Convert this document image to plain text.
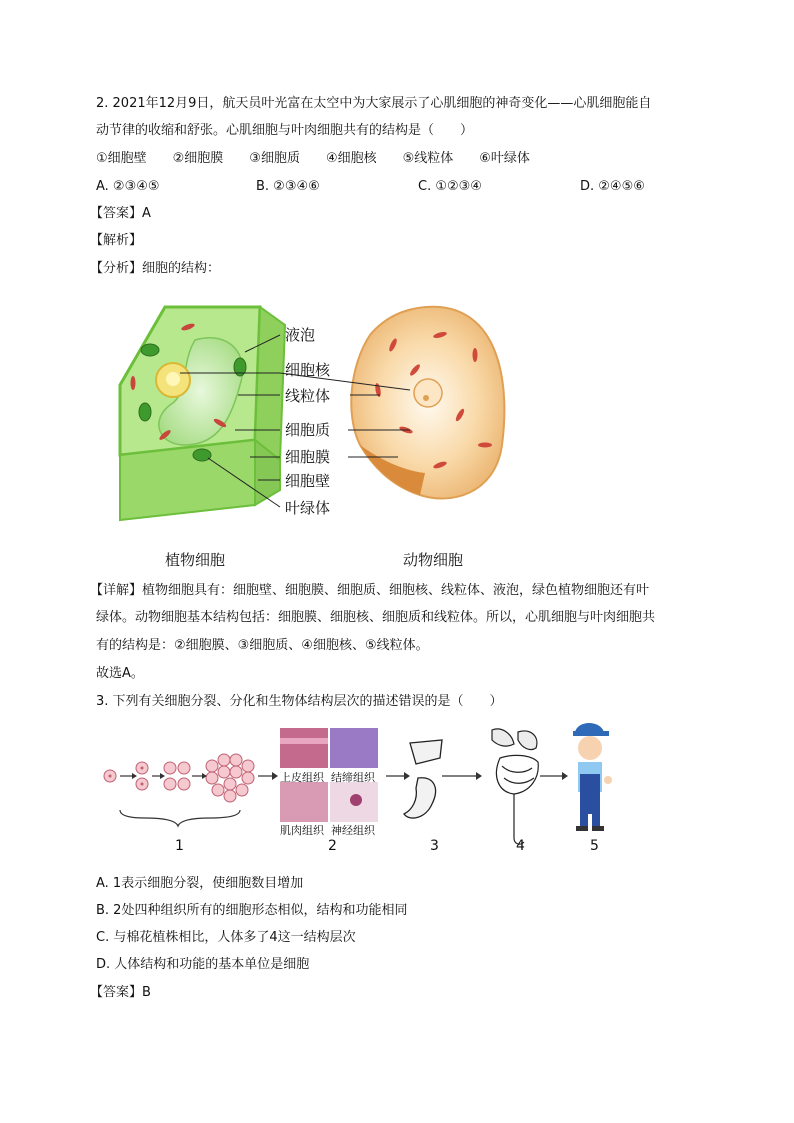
2. 2021年12月9日，航天员叶光富在太空中为大家展示了心肌细胞的神奇变化——心肌细胞能自
动节律的收缩和舒张。心肌细胞与叶肉细胞共有的结构是（　　）
①细胞壁　　②细胞膜　　③细胞质　　④细胞核　　⑤线粒体　　⑥叶绿体
A. ②③④⑤	B. ②③④⑥	C. ①②③④	D. ②④⑤⑥
【答案】A
【解析】
【分析】细胞的结构：
液泡
细胞核
线粒体
细胞质
细胞膜
细胞壁
叶绿体
植物细胞	动物细胞
【详解】植物细胞具有：细胞壁、细胞膜、细胞质、细胞核、线粒体、液泡，绿色植物细胞还有叶
绿体。动物细胞基本结构包括：细胞膜、细胞核、细胞质和线粒体。所以，心肌细胞与叶肉细胞共
有的结构是：②细胞膜、③细胞质、④细胞核、⑤线粒体。
故选A。
3. 下列有关细胞分裂、分化和生物体结构层次的描述错误的是（　　）
上皮组织 结缔组织
肌肉组织 神经组织
1	2	3	4	5
A. 1表示细胞分裂，使细胞数目增加
B. 2处四种组织所有的细胞形态相似，结构和功能相同
C. 与棉花植株相比，人体多了4这一结构层次
D. 人体结构和功能的基本单位是细胞
【答案】B
